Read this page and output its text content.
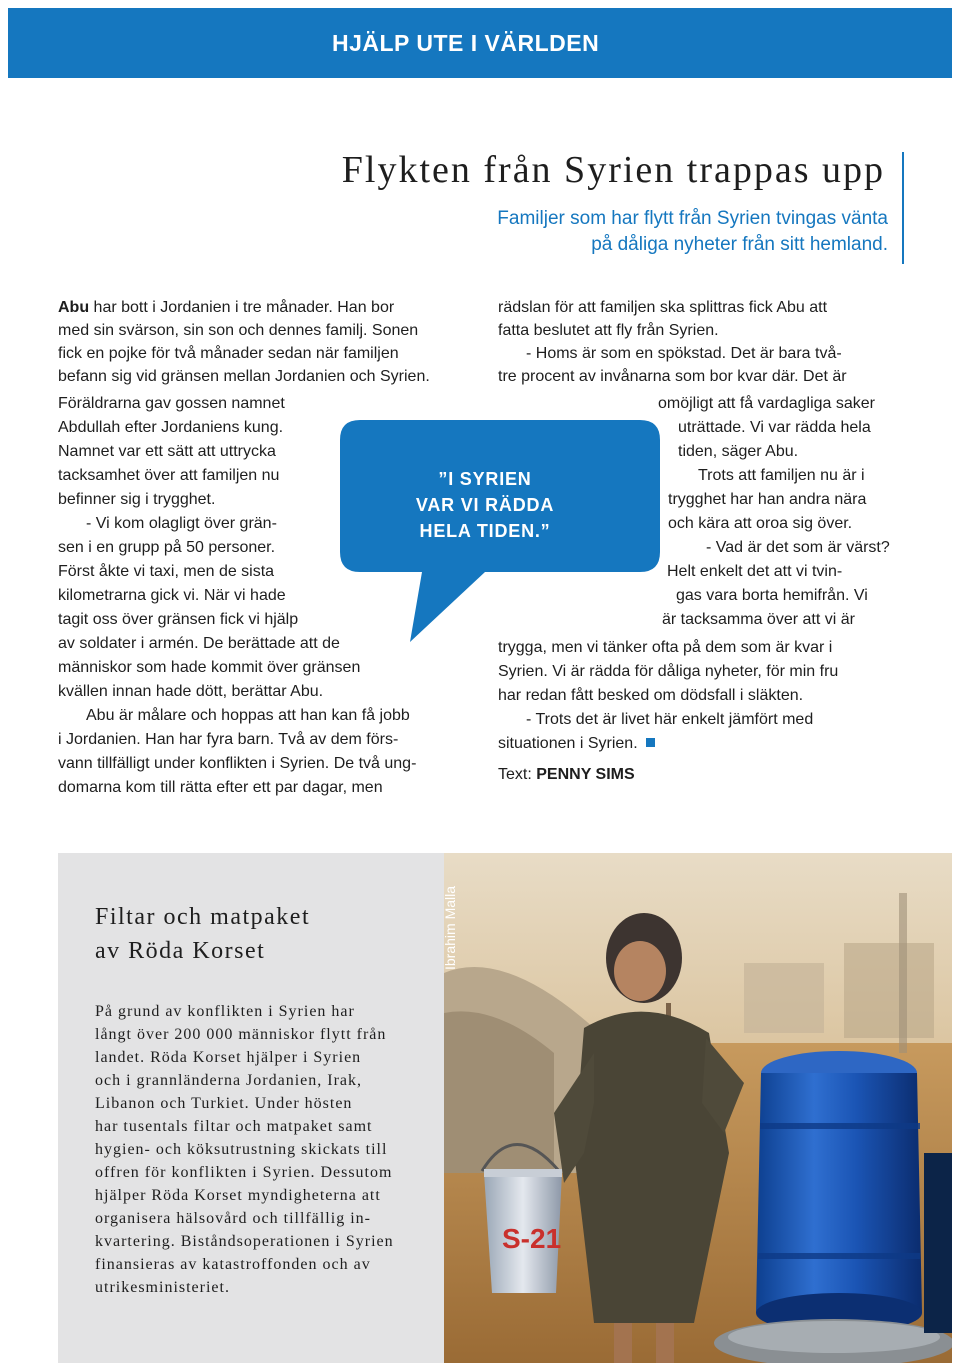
HJÄLP UTE I VÄRLDEN
Flykten från Syrien trappas upp
Familjer som har flytt från Syrien tvingas vänta
på dåliga nyheter från sitt hemland.
Abu har bott i Jordanien i tre månader. Han bor
med sin svärson, sin son och dennes familj. Sonen
fick en pojke för två månader sedan när familjen
befann sig vid gränsen mellan Jordanien och Syrien.
Föräldrarna gav gossen namnet
Abdullah efter Jordaniens kung.
Namnet var ett sätt att uttrycka
tacksamhet över att familjen nu
befinner sig i trygghet.
- Vi kom olagligt över grän-
sen i en grupp på 50 personer.
Först åkte vi taxi, men de sista
kilometrarna gick vi. När vi hade
tagit oss över gränsen fick vi hjälp
av soldater i armén. De berättade att de
människor som hade kommit över gränsen
kvällen innan hade dött, berättar Abu.
Abu är målare och hoppas att han kan få jobb
i Jordanien. Han har fyra barn. Två av dem förs-
vann tillfälligt under konflikten i Syrien. De två ung-
domarna kom till rätta efter ett par dagar, men
rädslan för att familjen ska splittras fick Abu att
fatta beslutet att fly från Syrien.
- Homs är som en spökstad. Det är bara två-
tre procent av invånarna som bor kvar där. Det är
omöjligt att få vardagliga saker
uträttade. Vi var rädda hela
tiden, säger Abu.
Trots att familjen nu är i
trygghet har han andra nära
och kära att oroa sig över.
- Vad är det som är värst?
Helt enkelt det att vi tvin-
gas vara borta hemifrån. Vi
är tacksamma över att vi är
trygga, men vi tänker ofta på dem som är kvar i
Syrien. Vi är rädda för dåliga nyheter, för min fru
har redan fått besked om dödsfall i släkten.
- Trots det är livet här enkelt jämfört med
situationen i Syrien.
”I SYRIEN
VAR VI RÄDDA
HELA TIDEN.”
Text: PENNY SIMS
Filtar och matpaket
av Röda Korset
På grund av konflikten i Syrien har
långt över 200 000 människor flytt från
landet. Röda Korset hjälper i Syrien
och i grannländerna Jordanien, Irak,
Libanon och Turkiet. Under hösten
har tusentals filtar och matpaket samt
hygien- och köksutrustning skickats till
offren för konflikten i Syrien. Dessutom
hjälper Röda Korset myndigheterna att
organisera hälsovård och tillfällig in-
kvartering. Biståndsoperationen i Syrien
finansieras av katastroffonden och av
utrikesministeriet.
S-21
Ibrahim
